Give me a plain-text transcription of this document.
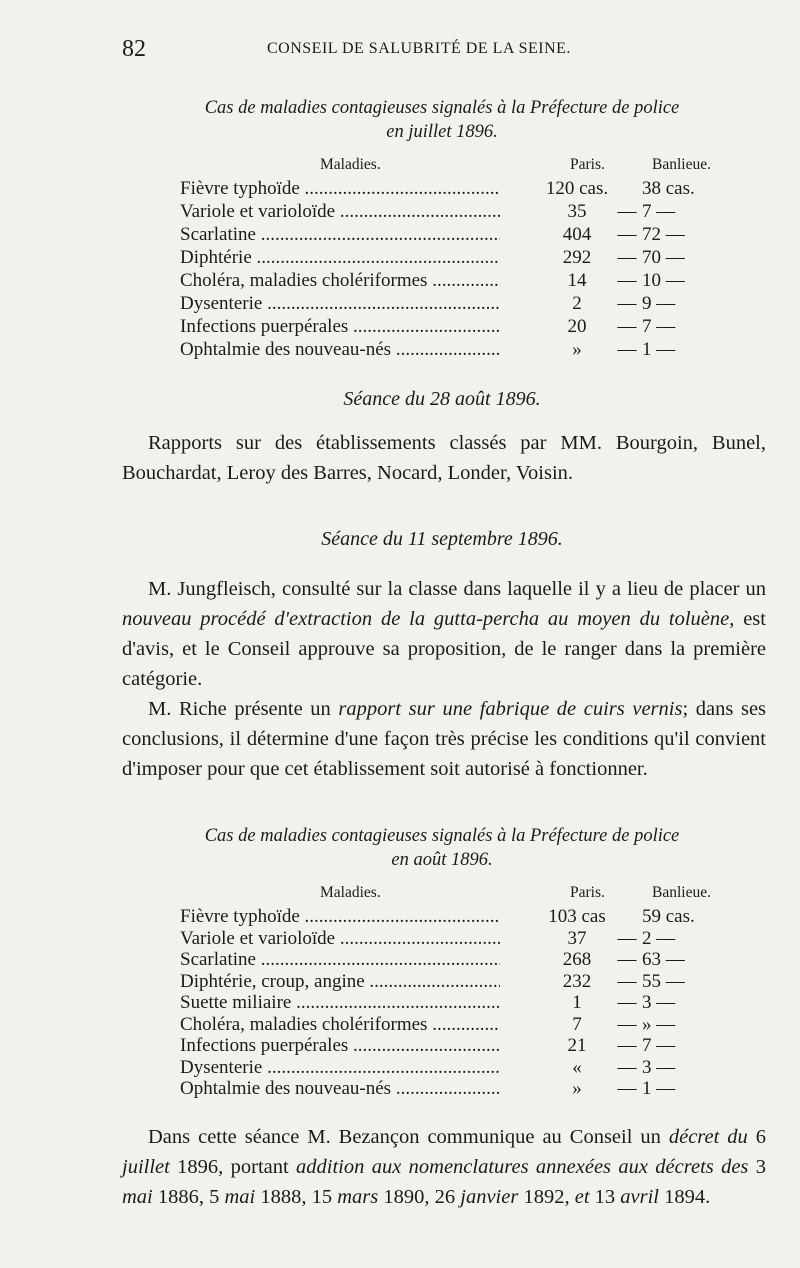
82	CONSEIL DE SALUBRITÉ DE LA SEINE.
Cas de maladies contagieuses signalés à la Préfecture de police
en juillet 1896.
Maladies.	Paris.	Banlieue.
Fièvre typhoïde .....	120 cas. 38 cas.
Variole et varioloïde .....	35	— 7 —
Scarlatine .....	404	— 72 —
Diphtérie .....	292	— 70 —
Choléra, maladies cholériformes .....	14	— 10 —
Dysenterie .....	2	— 9 —
Infections puerpérales .....	20	— 7 —
Ophtalmie des nouveau-nés .....	»	— 1 —
Séance du 28 août 1896.

Rapports sur des établissements classés par MM. Bourgoin, Bunel, Bouchardat, Leroy des Barres, Nocard, Londer, Voisin.

Séance du 11 septembre 1896.

M. Jungfleisch, consulté sur la classe dans laquelle il y a lieu de placer un nouveau procédé d'extraction de la gutta-percha au moyen du toluène, est d'avis, et le Conseil approuve sa proposition, de le ranger dans la première catégorie.

M. Riche présente un rapport sur une fabrique de cuirs vernis; dans ses conclusions, il détermine d'une façon très précise les conditions qu'il convient d'imposer pour que cet établissement soit autorisé à fonctionner.

Cas de maladies contagieuses signalés à la Préfecture de police
en août 1896.
Maladies.	Paris.	Banlieue.
Fièvre typhoïde .....	103 cas	59 cas.
Variole et varioloïde .....	37	— 2 —
Scarlatine .....	268	— 63 —
Diphtérie, croup, angine .....	232	— 55 —
Suette miliaire .....	1	— 3 —
Choléra, maladies cholériformes .....	7	— » —
Infections puerpérales .....	21	— 7 —
Dysenterie .....	«	— 3 —
Ophtalmie des nouveau-nés .....	»	— 1 —

Dans cette séance M. Bezançon communique au Conseil un décret du 6 juillet 1896, portant addition aux nomenclatures annexées aux décrets des 3 mai 1886, 5 mai 1888, 15 mars 1890, 26 janvier 1892, et 13 avril 1894.
